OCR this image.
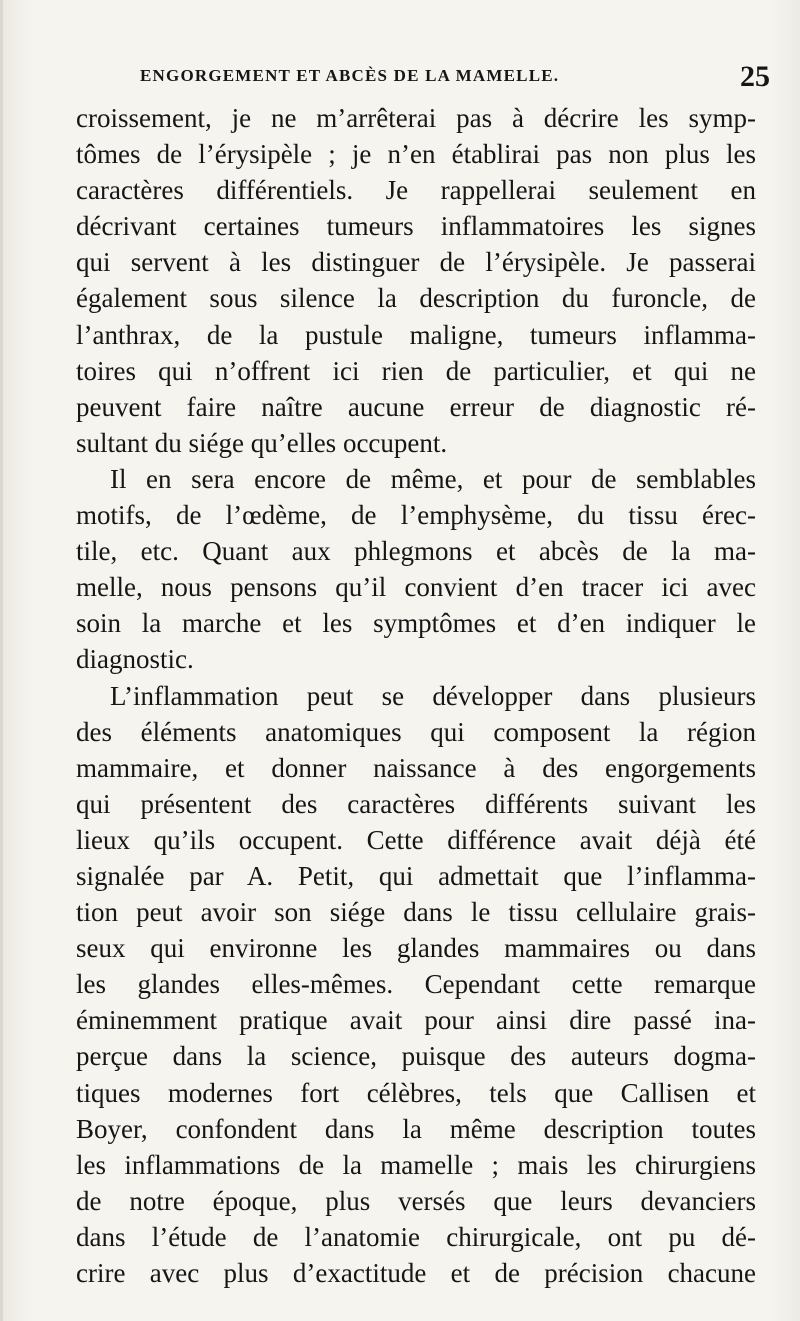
ENGORGEMENT ET ABCÈS DE LA MAMELLE.	25
croissement, je ne m’arrêterai pas à décrire les symp-
tômes de l’érysipèle ; je n’en établirai pas non plus les
caractères différentiels. Je rappellerai seulement en
décrivant certaines tumeurs inflammatoires les signes
qui servent à les distinguer de l’érysipèle. Je passerai
également sous silence la description du furoncle, de
l’anthrax, de la pustule maligne, tumeurs inflamma-
toires qui n’offrent ici rien de particulier, et qui ne
peuvent faire naître aucune erreur de diagnostic ré-
sultant du siége qu’elles occupent.
Il en sera encore de même, et pour de semblables
motifs, de l’œdème, de l’emphysème, du tissu érec-
tile, etc. Quant aux phlegmons et abcès de la ma-
melle, nous pensons qu’il convient d’en tracer ici avec
soin la marche et les symptômes et d’en indiquer le
diagnostic.
L’inflammation peut se développer dans plusieurs
des éléments anatomiques qui composent la région
mammaire, et donner naissance à des engorgements
qui présentent des caractères différents suivant les
lieux qu’ils occupent. Cette différence avait déjà été
signalée par A. Petit, qui admettait que l’inflamma-
tion peut avoir son siége dans le tissu cellulaire grais-
seux qui environne les glandes mammaires ou dans
les glandes elles-mêmes. Cependant cette remarque
éminemment pratique avait pour ainsi dire passé ina-
perçue dans la science, puisque des auteurs dogma-
tiques modernes fort célèbres, tels que Callisen et
Boyer, confondent dans la même description toutes
les inflammations de la mamelle ; mais les chirurgiens
de notre époque, plus versés que leurs devanciers
dans l’étude de l’anatomie chirurgicale, ont pu dé-
crire avec plus d’exactitude et de précision chacune
